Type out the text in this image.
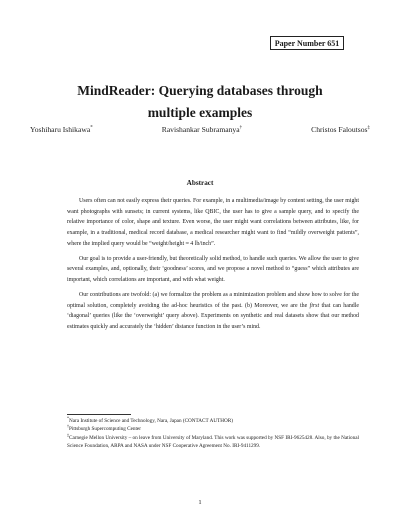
Paper Number 651
MindReader: Querying databases through
multiple examples
Yoshiharu Ishikawa*	Ravishankar Subramanya†	Christos Faloutsos‡
Abstract

Users often can not easily express their queries. For example, in a multimedia/image by content setting, the user might want photographs with sunsets; in current systems, like QBIC, the user has to give a sample query, and to specify the relative importance of color, shape and texture. Even worse, the user might want correlations between attributes, like, for example, in a traditional, medical record database, a medical researcher might want to find “mildly overweight patients”, where the implied query would be “weight/height ≈ 4 lb/inch”.

Our goal is to provide a user-friendly, but theoretically solid method, to handle such queries. We allow the user to give several examples, and, optionally, their ‘goodness’ scores, and we propose a novel method to “guess” which attributes are important, which correlations are important, and with what weight.

Our contributions are twofold: (a) we formalize the problem as a minimization problem and show how to solve for the optimal solution, completely avoiding the ad-hoc heuristics of the past. (b) Moreover, we are the first that can handle ‘diagonal’ queries (like the ‘overweight’ query above). Experiments on synthetic and real datasets show that our method estimates quickly and accurately the ‘hidden’ distance function in the user’s mind.

*Nara Institute of Science and Technology, Nara, Japan (CONTACT AUTHOR)

†Pittsburgh Supercomputing Center

‡Carnegie Mellon University – on leave from University of Maryland. This work was supported by NSF IRI-9625428. Also, by the National Science Foundation, ARPA and NASA under NSF Cooperative Agreement No. IRI-9411299.

1
